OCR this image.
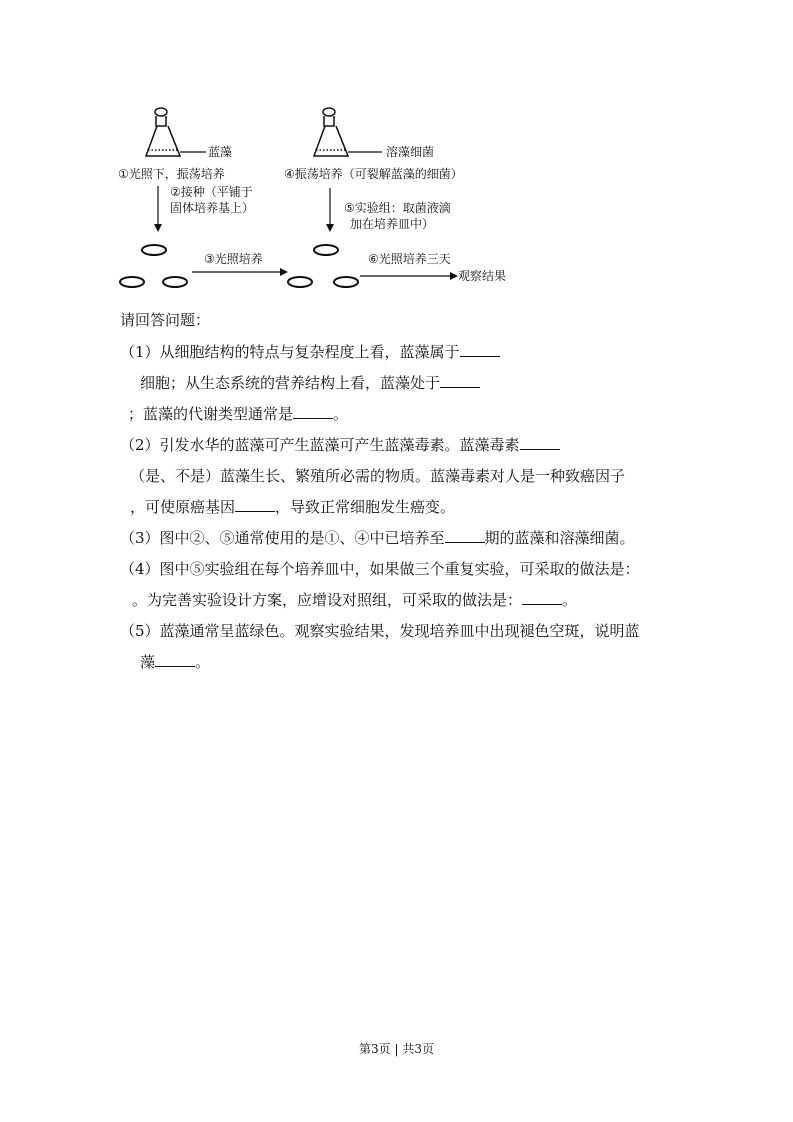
蓝藻
①光照下，振荡培养
②接种（平铺于
固体培养基上）
③光照培养
溶藻细菌
④振荡培养（可裂解蓝藻的细菌）
⑤实验组：取菌液滴
加在培养皿中）
⑥光照培养三天
观察结果
请回答问题：
（1）从细胞结构的特点与复杂程度上看，蓝藻属于
细胞；从生态系统的营养结构上看，蓝藻处于
；蓝藻的代谢类型通常是	。
（2）引发水华的蓝藻可产生蓝藻可产生蓝藻毒素。蓝藻毒素
（是、不是）蓝藻生长、繁殖所必需的物质。蓝藻毒素对人是一种致癌因子
，可使原癌基因	，导致正常细胞发生癌变。
（3）图中②、⑤通常使用的是①、④中已培养至	期的蓝藻和溶藻细菌。
（4）图中⑤实验组在每个培养皿中，如果做三个重复实验，可采取的做法是：
。为完善实验设计方案，应增设对照组，可采取的做法是：	。
（5）蓝藻通常呈蓝绿色。观察实验结果，发现培养皿中出现褪色空斑，说明蓝
藻	。
第3页 | 共3页
